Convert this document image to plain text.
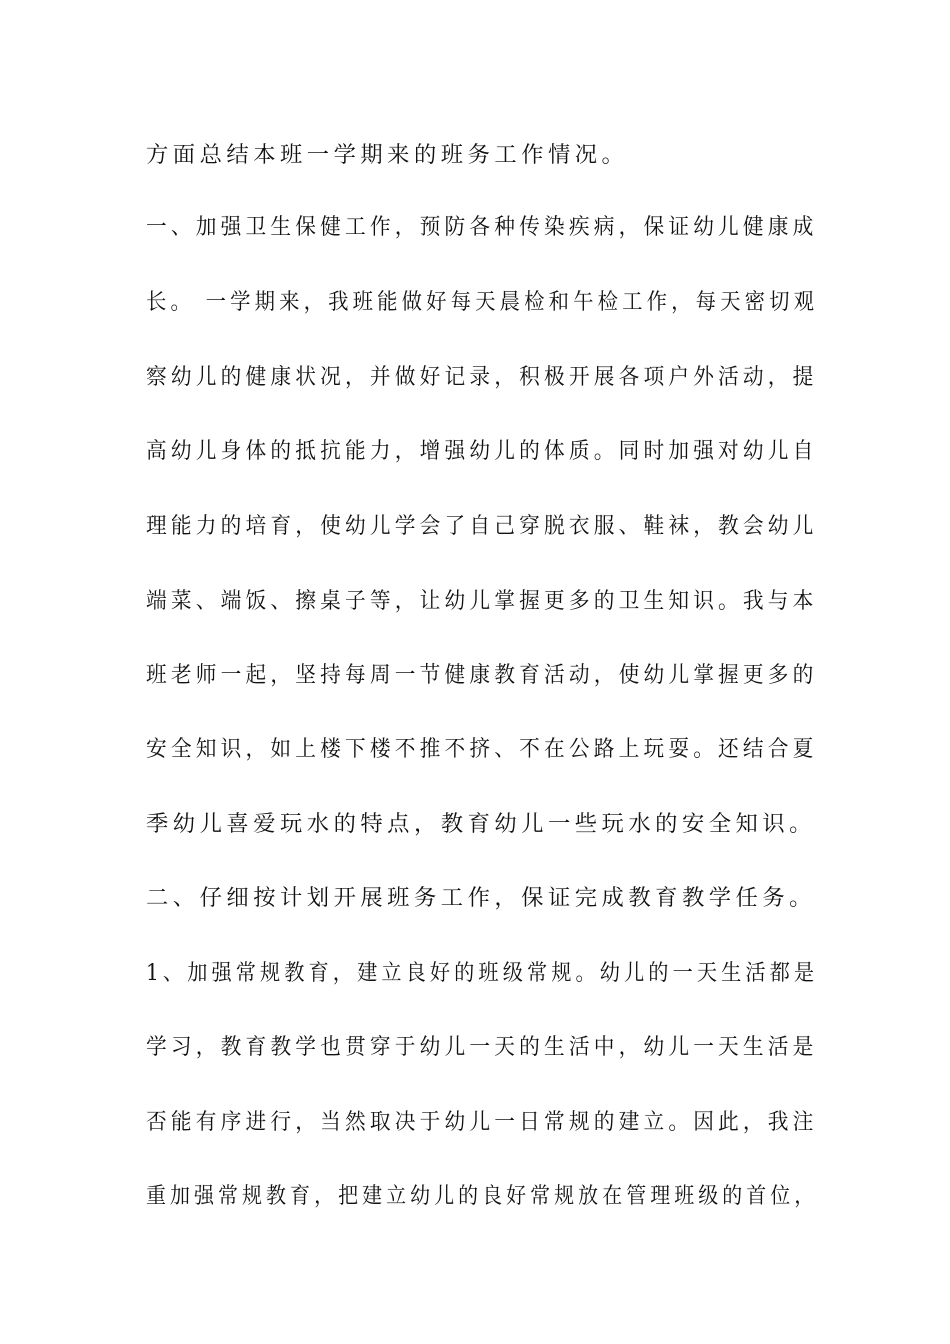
方面总结本班一学期来的班务工作情况。
一、加强卫生保健工作，预防各种传染疾病，保证幼儿健康成
长。 一学期来，我班能做好每天晨检和午检工作，每天密切观
察幼儿的健康状况，并做好记录，积极开展各项户外活动，提
高幼儿身体的抵抗能力，增强幼儿的体质。同时加强对幼儿自
理能力的培育，使幼儿学会了自己穿脱衣服、鞋袜，教会幼儿
端菜、端饭、擦桌子等，让幼儿掌握更多的卫生知识。我与本
班老师一起，坚持每周一节健康教育活动，使幼儿掌握更多的
安全知识，如上楼下楼不推不挤、不在公路上玩耍。还结合夏
季幼儿喜爱玩水的特点，教育幼儿一些玩水的安全知识。
二、仔细按计划开展班务工作，保证完成教育教学任务。
1、加强常规教育，建立良好的班级常规。幼儿的一天生活都是
学习，教育教学也贯穿于幼儿一天的生活中，幼儿一天生活是
否能有序进行，当然取决于幼儿一日常规的建立。因此，我注
重加强常规教育，把建立幼儿的良好常规放在管理班级的首位，
